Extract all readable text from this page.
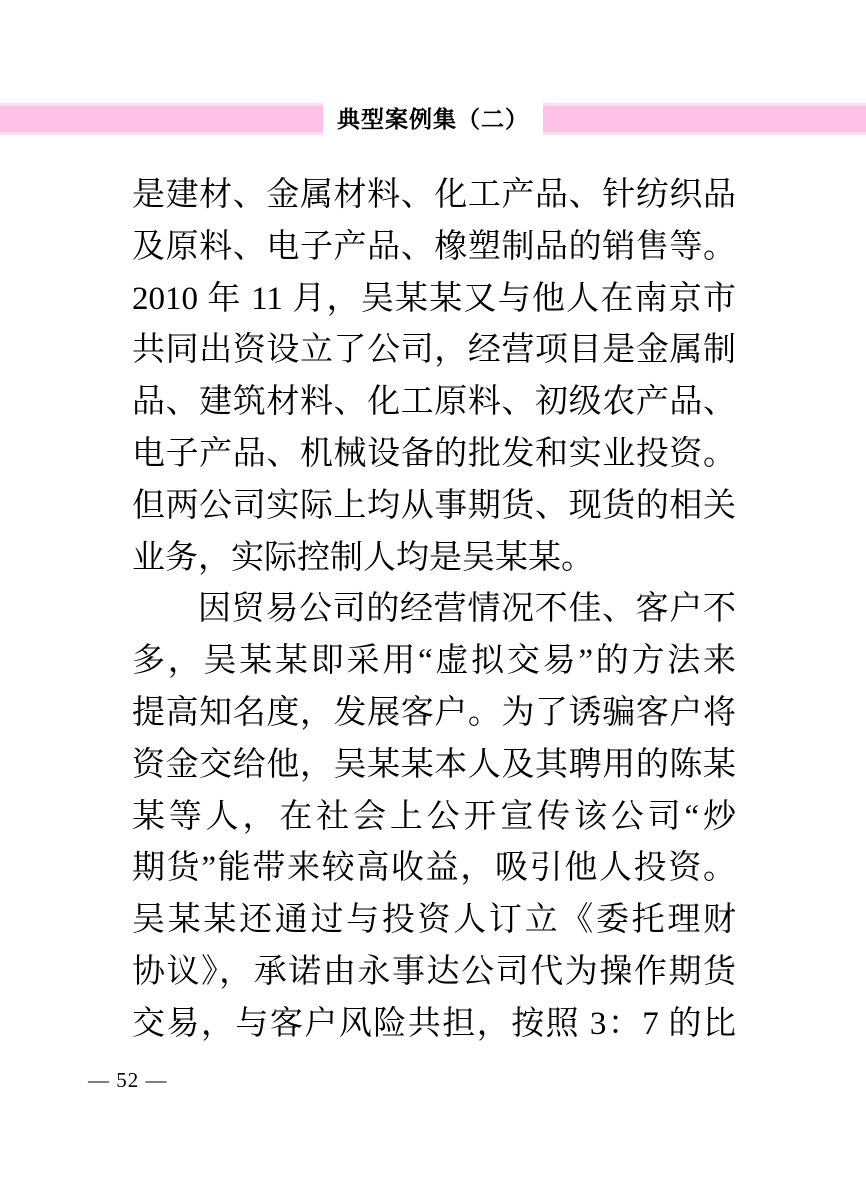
典型案例集（二）
是建材、金属材料、化工产品、针纺织品
及原料、电子产品、橡塑制品的销售等。
2010 年 11 月，吴某某又与他人在南京市
共同出资设立了公司，经营项目是金属制
品、建筑材料、化工原料、初级农产品、
电子产品、机械设备的批发和实业投资。
但两公司实际上均从事期货、现货的相关
业务，实际控制人均是吴某某。
因贸易公司的经营情况不佳、客户不
多，吴某某即采用“虚拟交易”的方法来
提高知名度，发展客户。为了诱骗客户将
资金交给他，吴某某本人及其聘用的陈某
某等人，在社会上公开宣传该公司“炒
期货”能带来较高收益，吸引他人投资。
吴某某还通过与投资人订立《委托理财
协议》，承诺由永事达公司代为操作期货
交易，与客户风险共担，按照 3：7 的比
— 52 —
